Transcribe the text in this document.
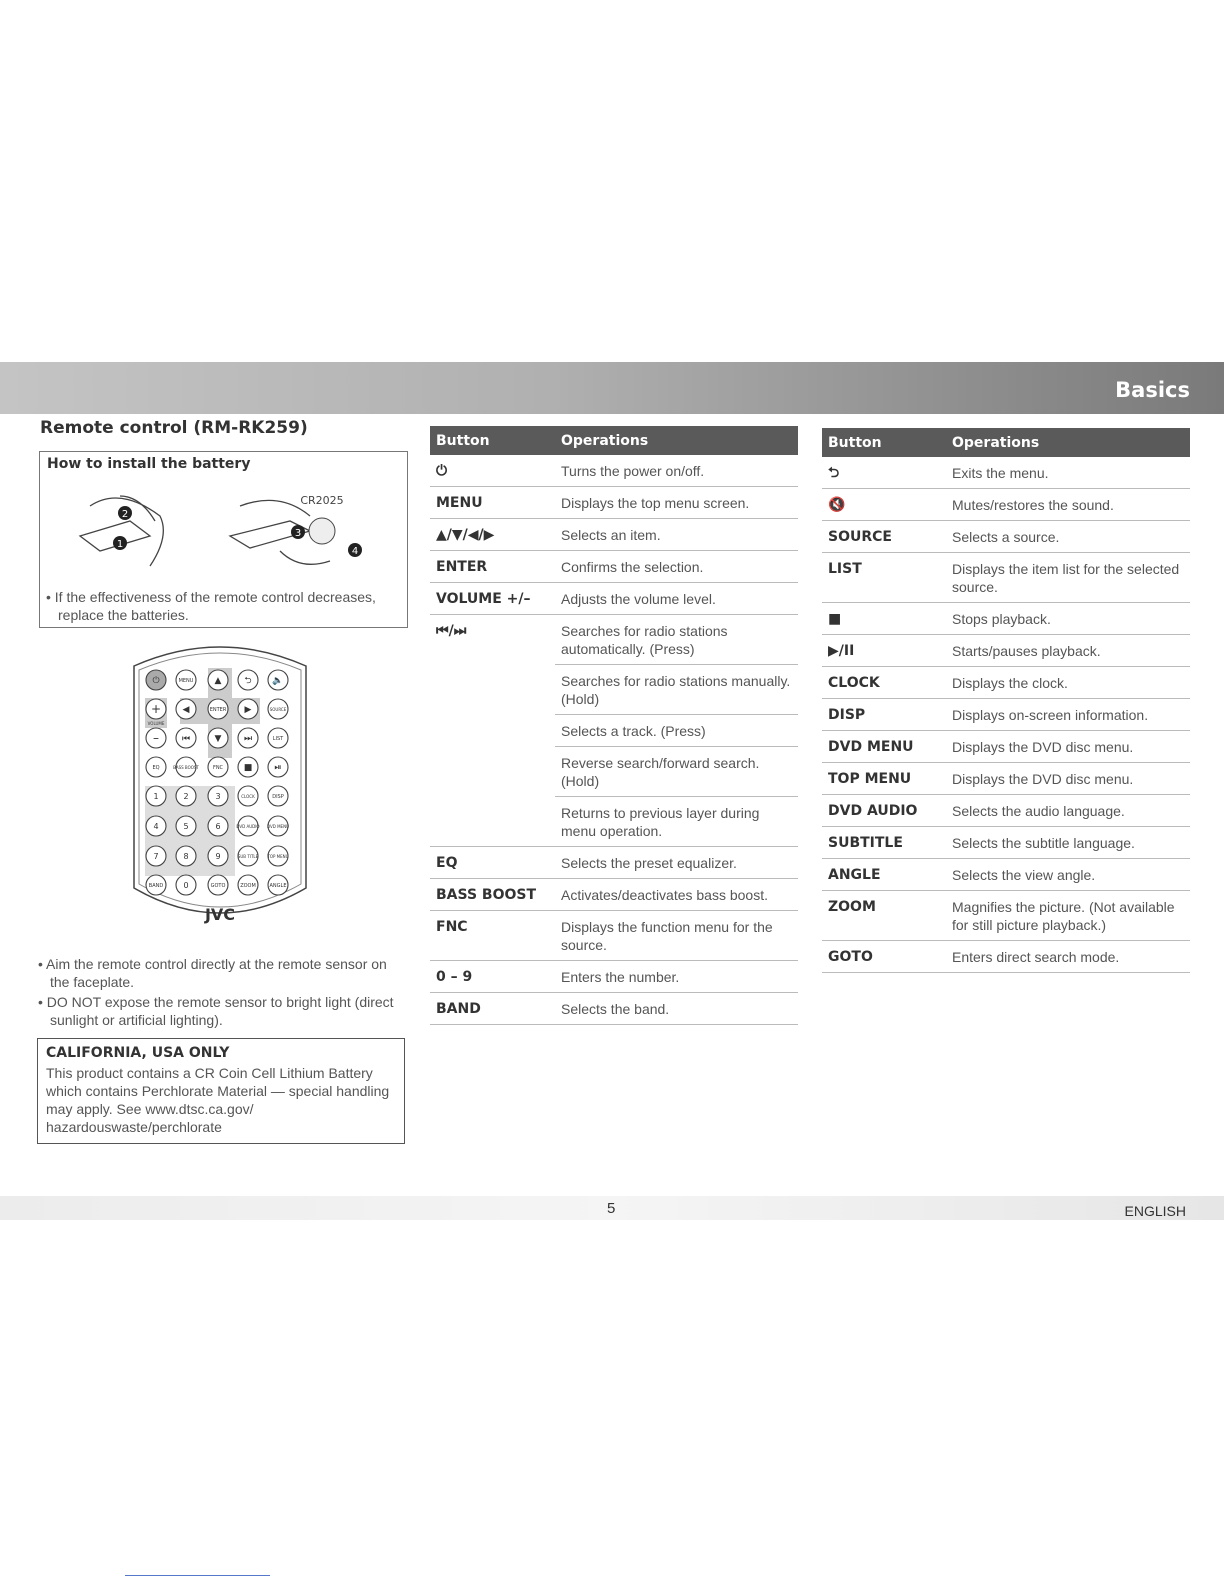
Basics
Remote control (RM-RK259)
How to install the battery
1
2
3
4
CR2025
• If the effectiveness of the remote control decreases, replace the batteries.
MENU
ENTER	SOURCE
VOLUME
LIST
EQ	BASS BOOST	FNC
CLOCK	DISP
DVD AUDIO DVD MENU
SUB TITLE TOP MENU
BAND	GOTO	ZOOM	ANGLE
1	2	3
4	5	6
7	8	9
0
⏻	▲	⮌ 🔈
+ ◀	▶
–	⏮	▼ ⏭
■ ⏯
JVC
• Aim the remote control directly at the remote sensor on the faceplate.
• DO NOT expose the remote sensor to bright light (direct sunlight or artificial lighting).
CALIFORNIA, USA ONLY
This product contains a CR Coin Cell Lithium Battery which contains Perchlorate Material — special handling may apply. See www.dtsc.ca.gov/ hazardouswaste/perchlorate
Button	Operations
⏻	Turns the power on/off.
MENU	Displays the top menu screen.
▲/▼/◀/▶	Selects an item.
ENTER	Confirms the selection.
VOLUME +/–	Adjusts the volume level.
⏮/⏭	Searches for radio stations automatically. (Press)
	Searches for radio stations manually. (Hold)
	Selects a track. (Press)
	Reverse search/forward search. (Hold)
	Returns to previous layer during menu operation.
EQ	Selects the preset equalizer.
BASS BOOST	Activates/deactivates bass boost.
FNC	Displays the function menu for the source.
0 – 9	Enters the number.
BAND	Selects the band.
Button	Operations
⮌	Exits the menu.
🔇	Mutes/restores the sound.
SOURCE	Selects a source.
LIST	Displays the item list for the selected source.
■	Stops playback.
▶/II	Starts/pauses playback.
CLOCK	Displays the clock.
DISP	Displays on-screen information.
DVD MENU	Displays the DVD disc menu.
TOP MENU	Displays the DVD disc menu.
DVD AUDIO	Selects the audio language.
SUBTITLE	Selects the subtitle language.
ANGLE	Selects the view angle.
ZOOM	Magnifies the picture. (Not available for still picture playback.)
GOTO	Enters direct search mode.
5	ENGLISH
